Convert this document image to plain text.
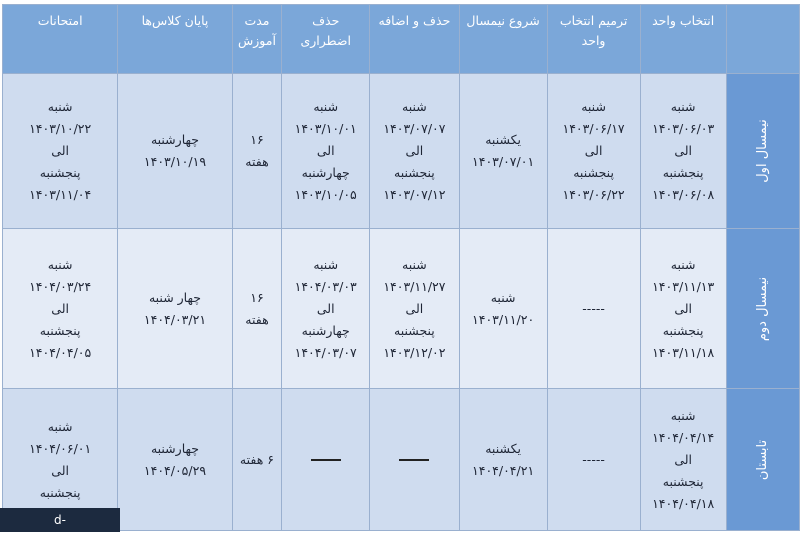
	انتخاب واحد	ترمیم انتخاب واحد	شروع نیمسال	حذف و اضافه	حذف اضطراری	مدت آموزش	پایان کلاس‌ها	امتحانات
نیمسال اول	شنبه
۱۴۰۳/۰۶/۰۳
الی
پنجشنبه
۱۴۰۳/۰۶/۰۸	شنبه
۱۴۰۳/۰۶/۱۷
الی
پنجشنبه
۱۴۰۳/۰۶/۲۲	یکشنبه
۱۴۰۳/۰۷/۰۱	شنبه
۱۴۰۳/۰۷/۰۷
الی
پنجشنبه
۱۴۰۳/۰۷/۱۲	شنبه
۱۴۰۳/۱۰/۰۱
الی
چهارشنبه
۱۴۰۳/۱۰/۰۵	۱۶
هفته	چهارشنبه
۱۴۰۳/۱۰/۱۹	شنبه
۱۴۰۳/۱۰/۲۲
الی
پنجشنبه
۱۴۰۳/۱۱/۰۴

نیمسال دوم	شنبه
۱۴۰۳/۱۱/۱۳
الی
پنجشنبه
۱۴۰۳/۱۱/۱۸	-----	شنبه
۱۴۰۳/۱۱/۲۰	شنبه
۱۴۰۳/۱۱/۲۷
الی
پنجشنبه
۱۴۰۳/۱۲/۰۲	شنبه
۱۴۰۴/۰۳/۰۳
الی
چهارشنبه
۱۴۰۴/۰۳/۰۷	۱۶
هفته	چهار شنبه
۱۴۰۴/۰۳/۲۱	شنبه
۱۴۰۴/۰۳/۲۴
الی
پنجشنبه
۱۴۰۴/۰۴/۰۵

تابستان	شنبه
۱۴۰۴/۰۴/۱۴
الی
پنجشنبه
۱۴۰۴/۰۴/۱۸	-----	یکشنبه
۱۴۰۴/۰۴/۲۱			۶ هفته	چهارشنبه
۱۴۰۴/۰۵/۲۹	شنبه
۱۴۰۴/۰۶/۰۱
الی
پنجشنبه
d-hamedan.nus.ac.ir
